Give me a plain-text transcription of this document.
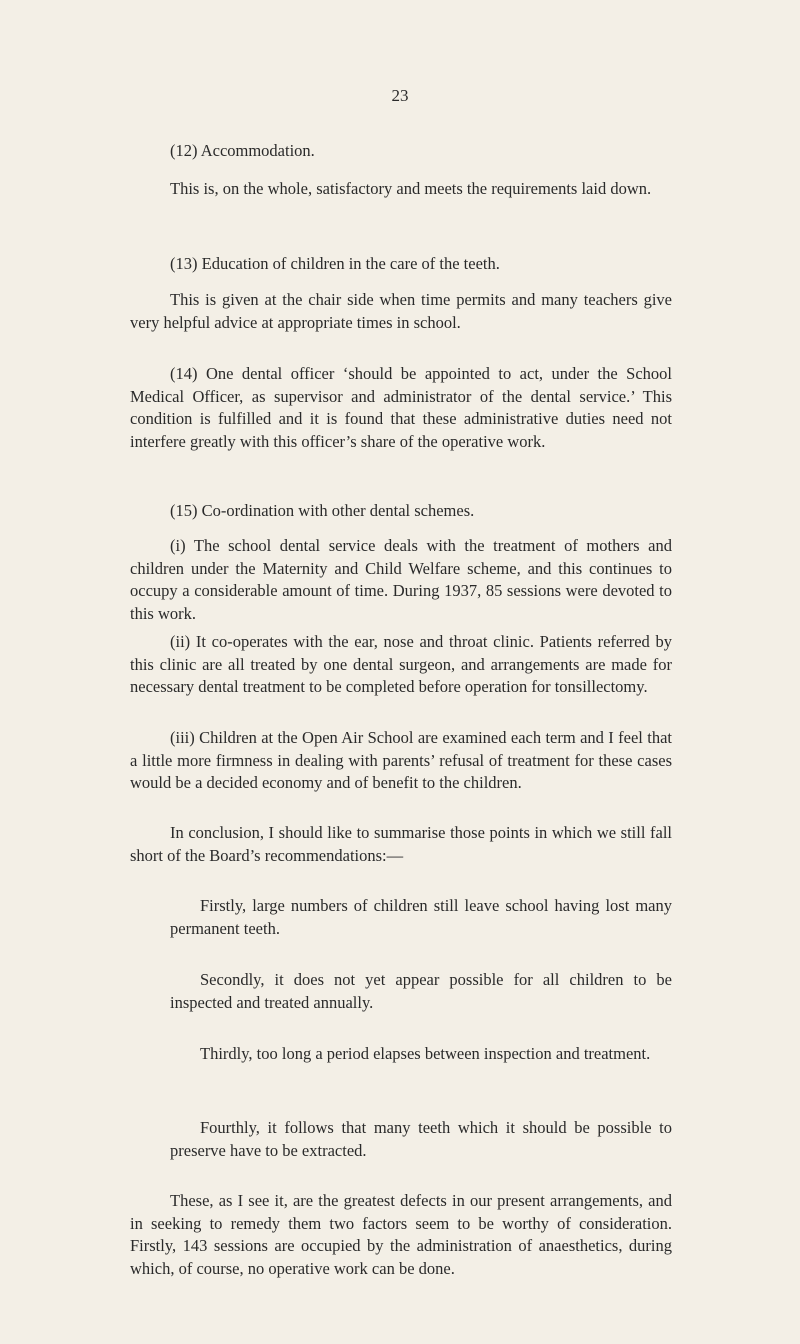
23

(12) Accommodation.

This is, on the whole, satisfactory and meets the requirements laid down.

(13) Education of children in the care of the teeth.

This is given at the chair side when time permits and many teachers give very helpful advice at appropriate times in school.

(14) One dental officer ‘should be appointed to act, under the School Medical Officer, as supervisor and administrator of the dental service.’ This condition is fulfilled and it is found that these administrative duties need not interfere greatly with this officer’s share of the operative work.

(15) Co-ordination with other dental schemes.

(i) The school dental service deals with the treatment of mothers and children under the Maternity and Child Welfare scheme, and this continues to occupy a considerable amount of time. During 1937, 85 sessions were devoted to this work.

(ii) It co-operates with the ear, nose and throat clinic. Patients referred by this clinic are all treated by one dental surgeon, and arrangements are made for necessary dental treatment to be completed before operation for tonsillectomy.

(iii) Children at the Open Air School are examined each term and I feel that a little more firmness in dealing with parents’ refusal of treatment for these cases would be a decided economy and of benefit to the children.

In conclusion, I should like to summarise those points in which we still fall short of the Board’s recommendations:—

Firstly, large numbers of children still leave school having lost many permanent teeth.

Secondly, it does not yet appear possible for all children to be inspected and treated annually.

Thirdly, too long a period elapses between inspection and treatment.

Fourthly, it follows that many teeth which it should be possible to preserve have to be extracted.

These, as I see it, are the greatest defects in our present arrangements, and in seeking to remedy them two factors seem to be worthy of consideration. Firstly, 143 sessions are occupied by the administration of anaesthetics, during which, of course, no operative work can be done.
